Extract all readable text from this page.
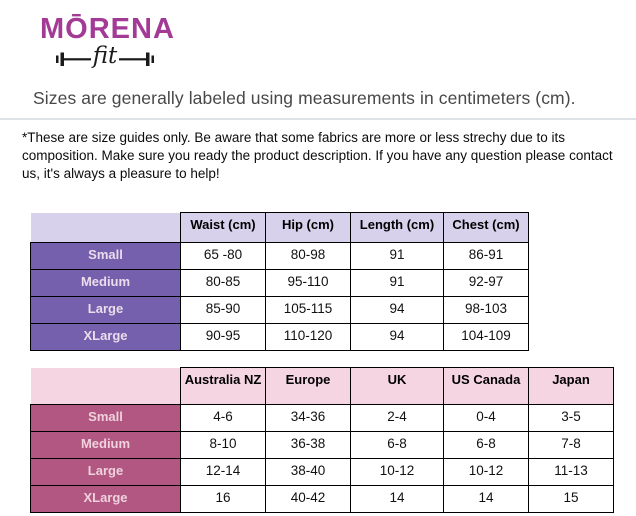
MŌRENA
fit
Sizes are generally labeled using measurements in centimeters (cm).

*These are size guides only. Be aware that some fabrics are more or less strechy due to its composition. Make sure you ready the product description. If you have any question please contact us, it's always a pleasure to help!

	Waist (cm)	Hip (cm)	Length (cm)	Chest (cm)
Small	65 -80	80-98	91	86-91
Medium	80-85	95-110	91	92-97
Large	85-90	105-115	94	98-103
XLarge	90-95	110-120	94	104-109
	Australia NZ	Europe	UK	US Canada	Japan
Small	4-6	34-36	2-4	0-4	3-5
Medium	8-10	36-38	6-8	6-8	7-8
Large	12-14	38-40	10-12	10-12	11-13
XLarge	16	40-42	14	14	15
